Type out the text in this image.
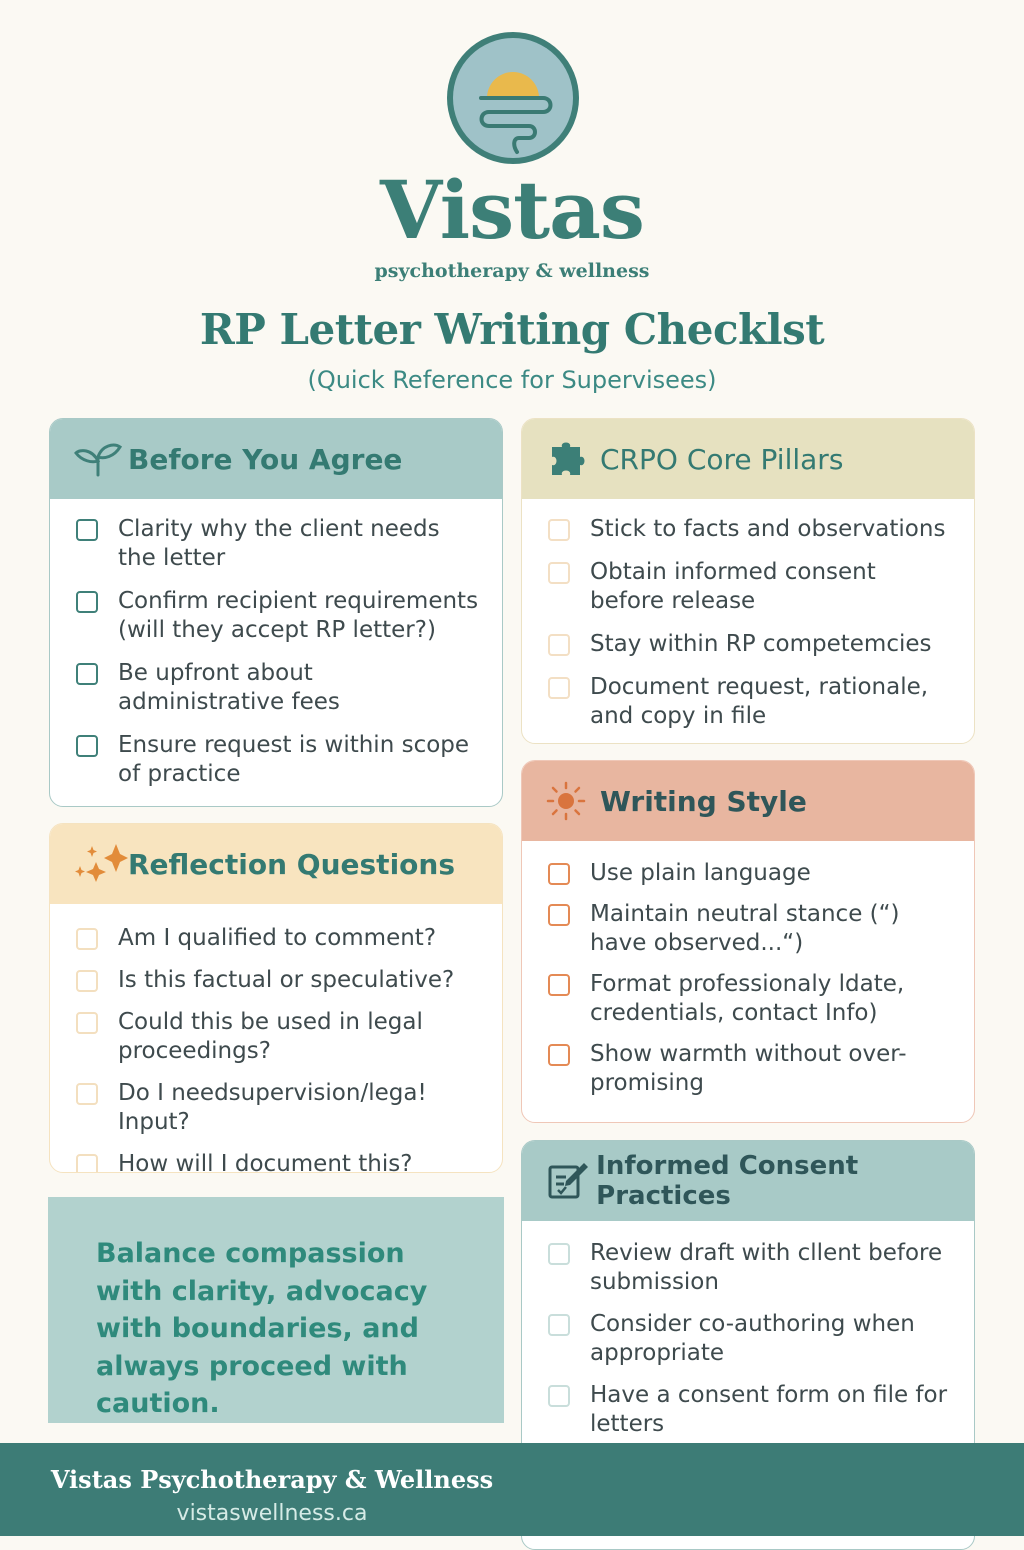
Vistas
psychotherapy & wellness
RP Letter Writing Checklst
(Quick Reference for Supervisees)
Before You Agree
Clarity why the client needs the letter
Confirm recipient requirements (will they accept RP letter?)
Be upfront about administrative fees
Ensure request is within scope of practice
Reflection Questions
Am I qualified to comment?
Is this factual or speculative?
Could this be used in legal proceedings?
Do I needsupervision/lega! Input?
How will I document this?
CRPO Core Pillars
Stick to facts and observations
Obtain informed consent before release
Stay within RP competemcies
Document request, rationale, and copy in file
Writing Style
Use plain language
Maintain neutral stance (“) have observed...“)
Format professionaly ldate, credentials, contact Info)
Show warmth without over-promising
Informed Consent Practices
Review draft with cllent before submission
Consider co-authoring when appropriate
Have a consent form on file for letters
Vistas Psychotherapy & Wellness
vistaswellness.ca
Balance compassion with clarity, advocacy with boundaries, and always proceed with caution.
